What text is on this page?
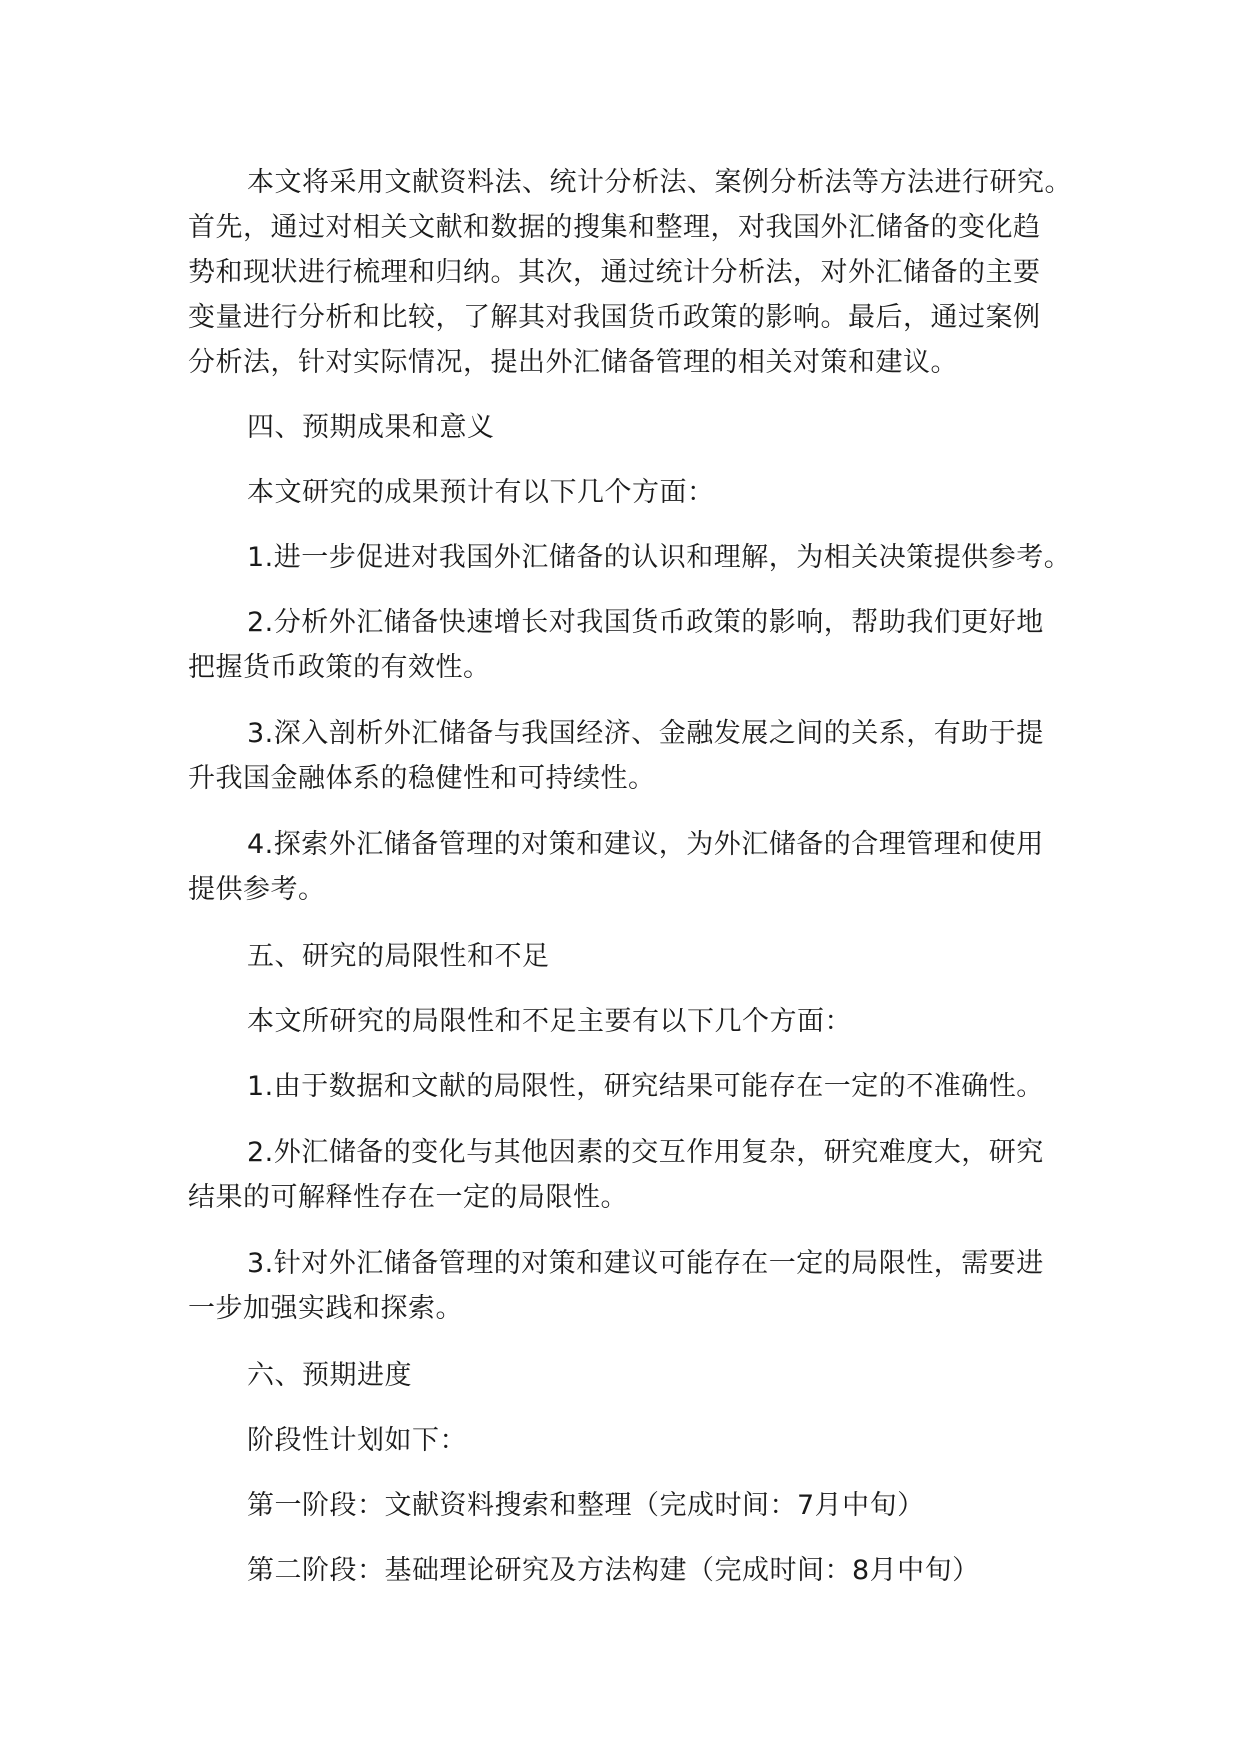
本文将采用文献资料法、统计分析法、案例分析法等方法进行研究。
首先，通过对相关文献和数据的搜集和整理，对我国外汇储备的变化趋
势和现状进行梳理和归纳。其次，通过统计分析法，对外汇储备的主要
变量进行分析和比较，了解其对我国货币政策的影响。最后，通过案例
分析法，针对实际情况，提出外汇储备管理的相关对策和建议。

四、预期成果和意义

本文研究的成果预计有以下几个方面：

1.进一步促进对我国外汇储备的认识和理解，为相关决策提供参考。

2.分析外汇储备快速增长对我国货币政策的影响，帮助我们更好地
把握货币政策的有效性。

3.深入剖析外汇储备与我国经济、金融发展之间的关系，有助于提
升我国金融体系的稳健性和可持续性。

4.探索外汇储备管理的对策和建议，为外汇储备的合理管理和使用
提供参考。

五、研究的局限性和不足

本文所研究的局限性和不足主要有以下几个方面：

1.由于数据和文献的局限性，研究结果可能存在一定的不准确性。

2.外汇储备的变化与其他因素的交互作用复杂，研究难度大，研究
结果的可解释性存在一定的局限性。

3.针对外汇储备管理的对策和建议可能存在一定的局限性，需要进
一步加强实践和探索。

六、预期进度

阶段性计划如下：

第一阶段：文献资料搜索和整理（完成时间：7月中旬）

第二阶段：基础理论研究及方法构建（完成时间：8月中旬）
